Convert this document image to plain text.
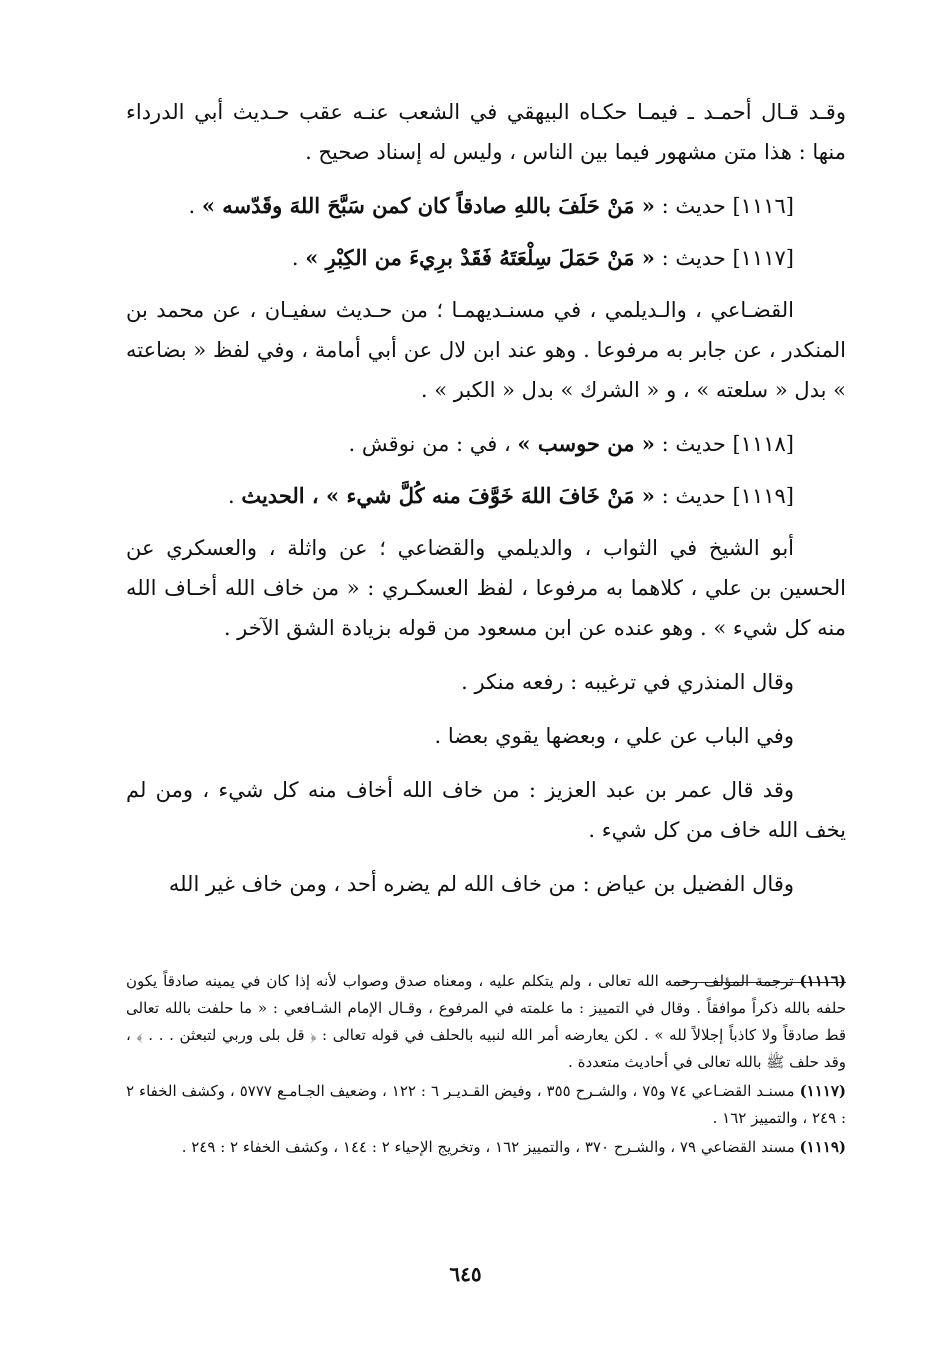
وقـد قـال أحمـد ـ فيمـا حكـاه البيهقي في الشعب عنـه عقب حـديث أبي الدرداء منها : هذا متن مشهور فيما بين الناس ، وليس له إسناد صحيح .

[١١١٦] حديث : « مَنْ حَلَفَ باللهِ صادقاً كان كمن سَبَّحَ اللهَ وقَدّسه » .

[١١١٧] حديث : « مَنْ حَمَلَ سِلْعَتَهُ فَقَدْ برِيءَ من الكِبْرِ » .

القضـاعي ، والـديلمي ، في مسنـديهمـا ؛ من حـديث سفيـان ، عن محمد بن المنكدر ، عن جابر به مرفوعا . وهو عند ابن لال عن أبي أمامة ، وفي لفظ « بضاعته » بدل « سلعته » ، و « الشرك » بدل « الكبر » .

[١١١٨] حديث : « من حوسب » ، في : من نوقش .

[١١١٩] حديث : « مَنْ خَافَ اللهَ خَوَّفَ منه كُلَّ شيء » ، الحديث .

أبو الشيخ في الثواب ، والديلمي والقضاعي ؛ عن واثلة ، والعسكري عن الحسين بن علي ، كلاهما به مرفوعا ، لفظ العسكـري : « من خاف الله أخـاف الله منه كل شيء » . وهو عنده عن ابن مسعود من قوله بزيادة الشق الآخر .

وقال المنذري في ترغيبه : رفعه منكر .

وفي الباب عن علي ، وبعضها يقوي بعضا .

وقد قال عمر بن عبد العزيز : من خاف الله أخاف منه كل شيء ، ومن لم يخف الله خاف من كل شيء .

وقال الفضيل بن عياض : من خاف الله لم يضره أحد ، ومن خاف غير الله

(١١١٦) ترجمة المؤلف رحمه الله تعالى ، ولم يتكلم عليه ، ومعناه صدق وصواب لأنه إذا كان في يمينه صادقاً يكون حلفه بالله ذكراً موافقاً . وقال في التمييز : ما علمته في المرفوع ، وقـال الإمام الشـافعي : « ما حلفت بالله تعالى قط صادقاً ولا كاذباً إجلالاً لله » . لكن يعارضه أمر الله لنبيه بالحلف في قوله تعالى : ﴿ قل بلى وربي لتبعثن . . . ﴾ ، وقد حلف ﷺ بالله تعالى في أحاديث متعددة .

(١١١٧) مسنـد القضـاعي ٧٤ و٧٥ ، والشـرح ٣٥٥ ، وفيض القـديـر ٦ : ١٢٢ ، وضعيف الجـامـع ٥٧٧٧ ، وكشف الخفاء ٢ : ٢٤٩ ، والتمييز ١٦٢ .

(١١١٩) مسند القضاعي ٧٩ ، والشـرح ٣٧٠ ، والتمييز ١٦٢ ، وتخريج الإحياء ٢ : ١٤٤ ، وكشف الخفاء ٢ : ٢٤٩ .

٦٤٥
